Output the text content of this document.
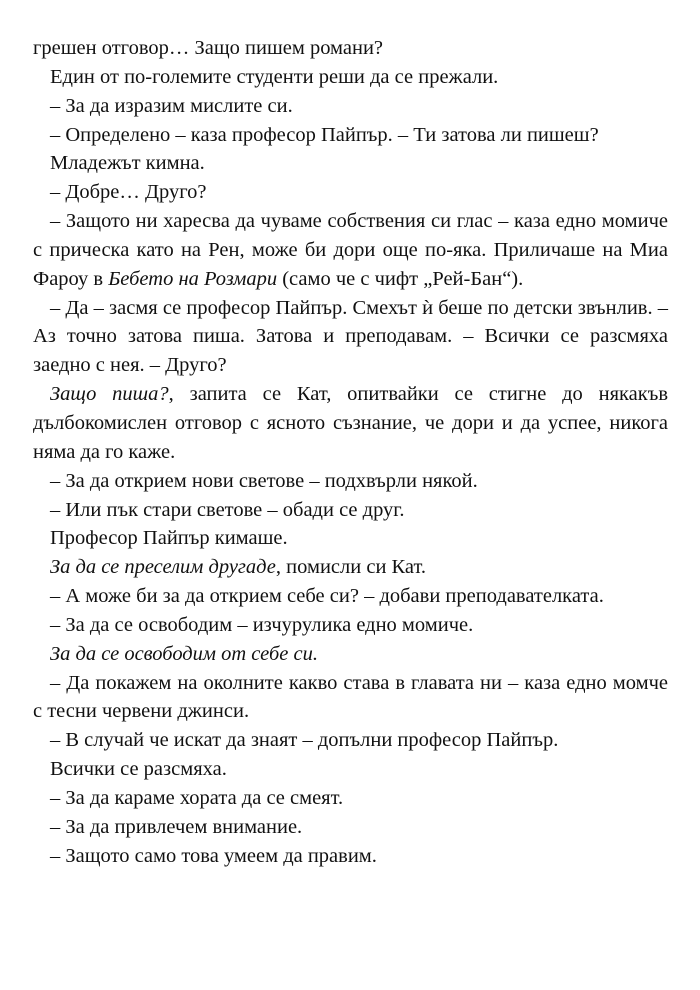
грешен отговор… Защо пишем романи?

Един от по-големите студенти реши да се прежали.

– За да изразим мислите си.

– Определено – каза професор Пайпър. – Ти затова ли пишеш?

Младежът кимна.

– Добре… Друго?

– Защото ни харесва да чуваме собствения си глас – каза едно момиче с прическа като на Рен, може би дори още по-яка. Приличаше на Миа Фароу в Бебето на Розмари (само че с чифт „Рей-Бан“).

– Да – засмя се професор Пайпър. Смехът ѝ беше по детски звънлив. – Аз точно затова пиша. Затова и преподавам. – Всички се разсмяха заедно с нея. – Друго?

Защо пиша?, запита се Кат, опитвайки се стигне до някакъв дълбокомислен отговор с ясното съзнание, че дори и да успее, никога няма да го каже.

– За да открием нови светове – подхвърли някой.

– Или пък стари светове – обади се друг.

Професор Пайпър кимаше.

За да се преселим другаде, помисли си Кат.

– А може би за да открием себе си? – добави преподавателката.

– За да се освободим – изчурулика едно момиче.

За да се освободим от себе си.

– Да покажем на околните какво става в главата ни – каза едно момче с тесни червени джинси.

– В случай че искат да знаят – допълни професор Пайпър.

Всички се разсмяха.

– За да караме хората да се смеят.

– За да привлечем внимание.

– Защото само това умеем да правим.
